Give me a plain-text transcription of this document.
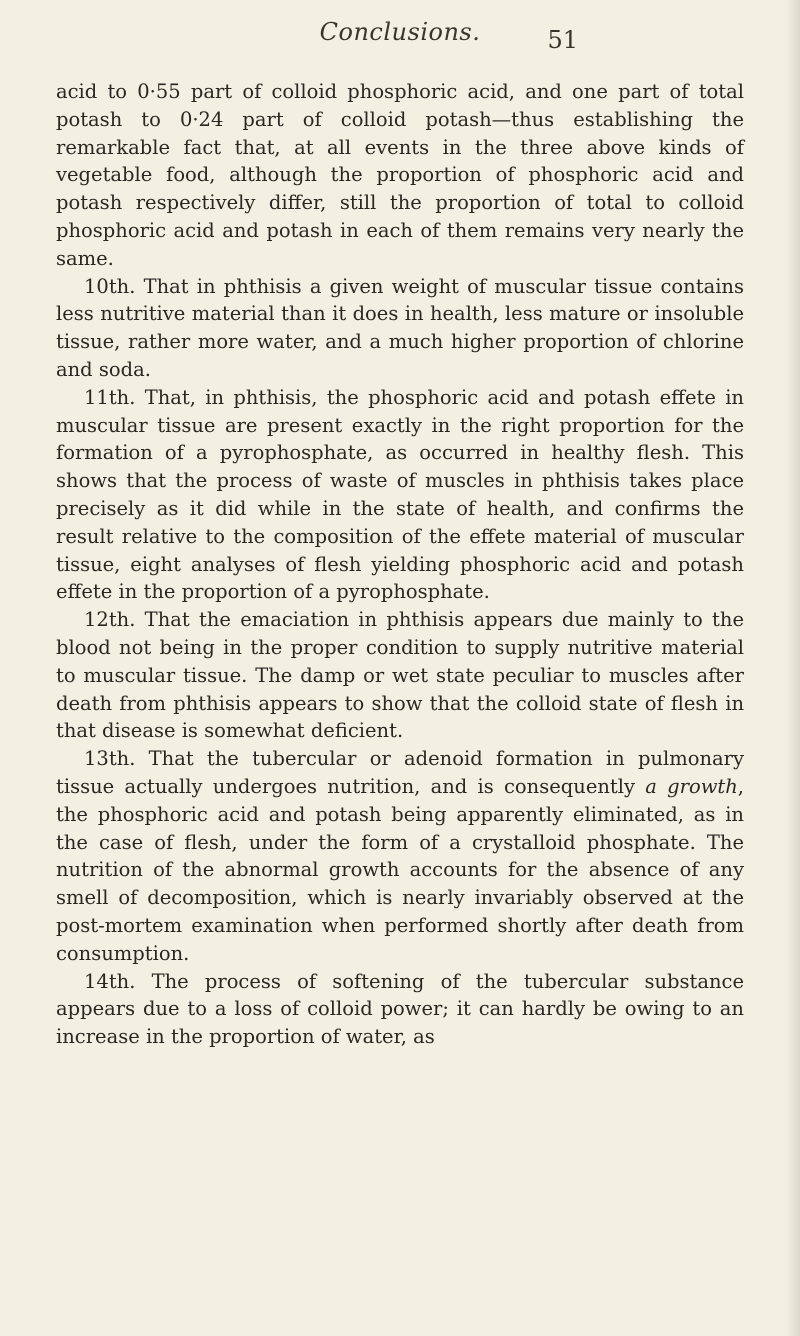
Conclusions.	51

acid to 0·55 part of colloid phosphoric acid, and one part of total potash to 0·24 part of colloid potash—thus establishing the remarkable fact that, at all events in the three above kinds of vegetable food, although the proportion of phosphoric acid and potash respectively differ, still the proportion of total to colloid phosphoric acid and potash in each of them remains very nearly the same.

10th. That in phthisis a given weight of muscular tissue contains less nutritive material than it does in health, less mature or insoluble tissue, rather more water, and a much higher proportion of chlorine and soda.

11th. That, in phthisis, the phosphoric acid and potash effete in muscular tissue are present exactly in the right proportion for the formation of a pyrophosphate, as occurred in healthy flesh. This shows that the process of waste of muscles in phthisis takes place precisely as it did while in the state of health, and confirms the result relative to the composition of the effete material of muscular tissue, eight analyses of flesh yielding phosphoric acid and potash effete in the proportion of a pyrophosphate.

12th. That the emaciation in phthisis appears due mainly to the blood not being in the proper condition to supply nutritive material to muscular tissue. The damp or wet state peculiar to muscles after death from phthisis appears to show that the colloid state of flesh in that disease is somewhat deficient.

13th. That the tubercular or adenoid formation in pulmonary tissue actually undergoes nutrition, and is consequently a growth, the phosphoric acid and potash being apparently eliminated, as in the case of flesh, under the form of a crystalloid phosphate. The nutrition of the abnormal growth accounts for the absence of any smell of decomposition, which is nearly invariably observed at the post-mortem examination when performed shortly after death from consumption.

14th. The process of softening of the tubercular substance appears due to a loss of colloid power; it can hardly be owing to an increase in the proportion of water, as
